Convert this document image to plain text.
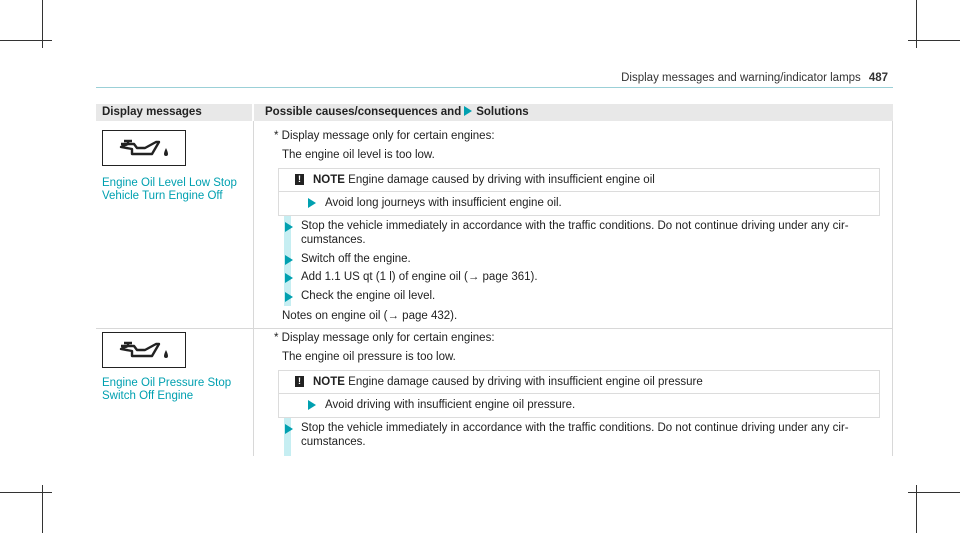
Display messages and warning/indicator lamps 487
Display messages	Possible causes/consequences and Solutions
Engine Oil Level Low Stop
Vehicle Turn Engine Off
* Display message only for certain engines:
The engine oil level is too low.
! NOTE Engine damage caused by driving with insufficient engine oil
Avoid long journeys with insufficient engine oil.
Stop the vehicle immediately in accordance with the traffic conditions. Do not continue driving under any cir-
cumstances.
Switch off the engine.
Add 1.1 US qt (1 l) of engine oil (→ page 361).
Check the engine oil level.
Notes on engine oil (→ page 432).
Engine Oil Pressure Stop
Switch Off Engine
* Display message only for certain engines:
The engine oil pressure is too low.
! NOTE Engine damage caused by driving with insufficient engine oil pressure
Avoid driving with insufficient engine oil pressure.
Stop the vehicle immediately in accordance with the traffic conditions. Do not continue driving under any cir-
cumstances.
